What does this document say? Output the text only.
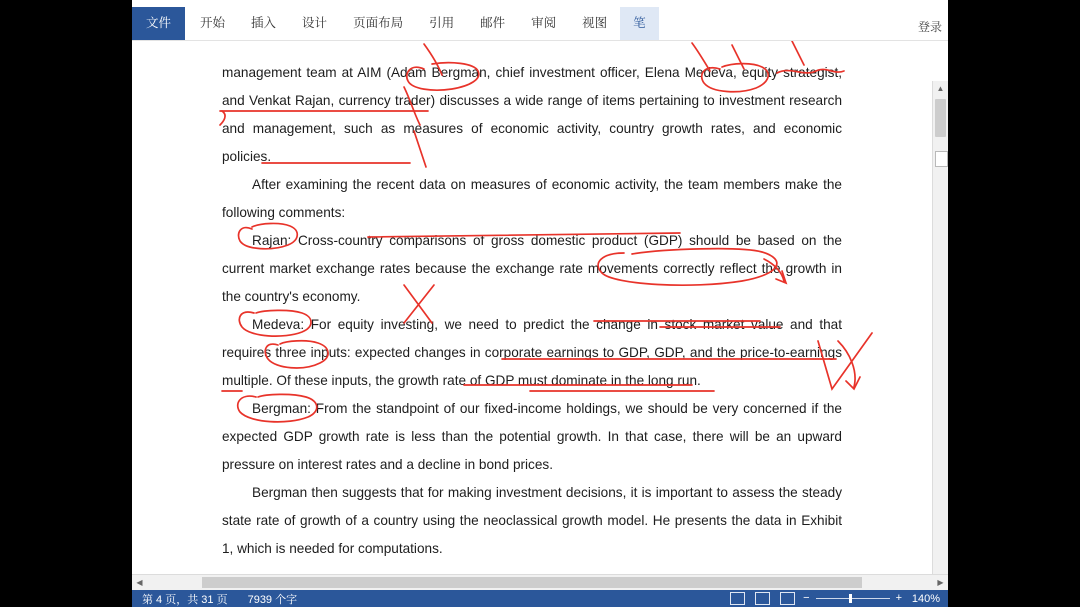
文件	开始	插入	设计	页面布局	引用	邮件	审阅	视图	笔	登录

management team at AIM (Adam Bergman, chief investment officer, Elena Medeva, equity strategist, and Venkat Rajan, currency trader) discusses a wide range of items pertaining to investment research and management, such as measures of economic activity, country growth rates, and economic policies.

After examining the recent data on measures of economic activity, the team members make the following comments:

Rajan: Cross-country comparisons of gross domestic product (GDP) should be based on the current market exchange rates because the exchange rate movements correctly reflect the growth in the country's economy.

Medeva: For equity investing, we need to predict the change in stock market value and that requires three inputs: expected changes in corporate earnings to GDP, GDP, and the price-to-earnings multiple. Of these inputs, the growth rate of GDP must dominate in the long run.

Bergman: From the standpoint of our fixed-income holdings, we should be very concerned if the expected GDP growth rate is less than the potential growth. In that case, there will be an upward pressure on interest rates and a decline in bond prices.

Bergman then suggests that for making investment decisions, it is important to assess the steady state rate of growth of a country using the neoclassical growth model. He presents the data in Exhibit 1, which is needed for computations.

▲
◀	▶
第 4 页，共 31 页	7939 个字	−	+ 140%
